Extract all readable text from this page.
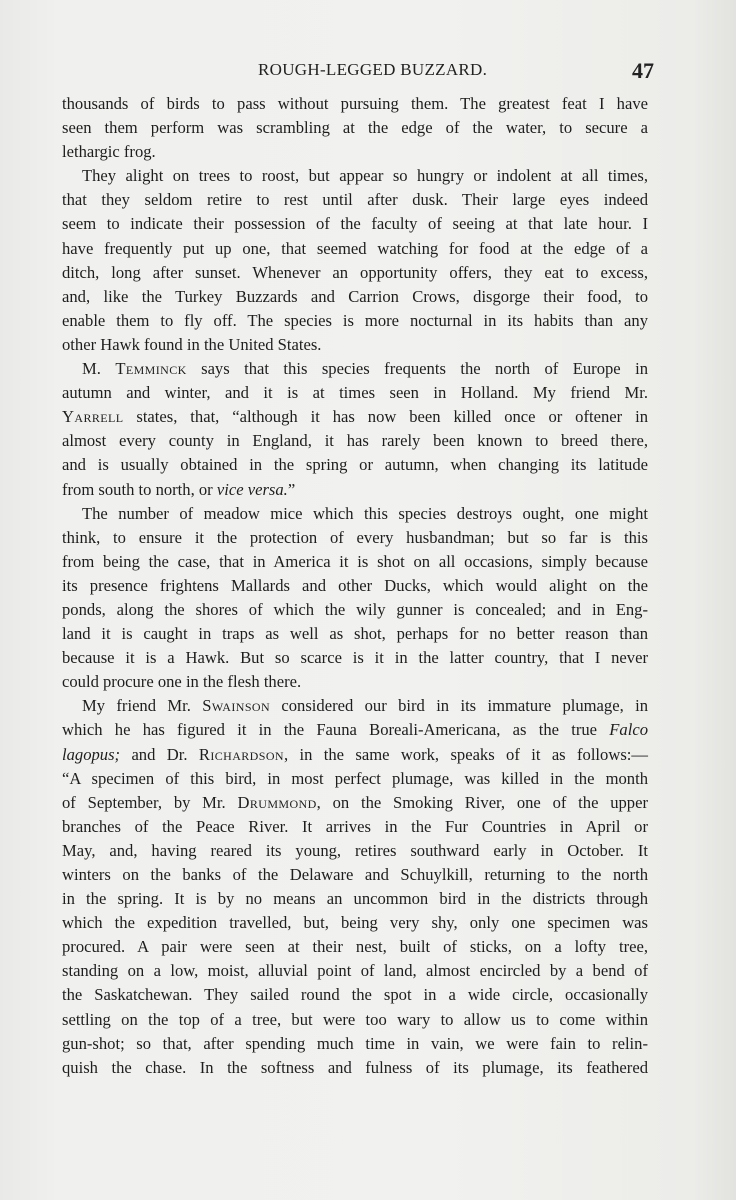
ROUGH-LEGGED BUZZARD.	47
thousands of birds to pass without pursuing them. The greatest feat I have
seen them perform was scrambling at the edge of the water, to secure a
lethargic frog.
They alight on trees to roost, but appear so hungry or indolent at all times,
that they seldom retire to rest until after dusk. Their large eyes indeed
seem to indicate their possession of the faculty of seeing at that late hour. I
have frequently put up one, that seemed watching for food at the edge of a
ditch, long after sunset. Whenever an opportunity offers, they eat to excess,
and, like the Turkey Buzzards and Carrion Crows, disgorge their food, to
enable them to fly off. The species is more nocturnal in its habits than any
other Hawk found in the United States.
M. Temminck says that this species frequents the north of Europe in
autumn and winter, and it is at times seen in Holland. My friend Mr.
Yarrell states, that, “although it has now been killed once or oftener in
almost every county in England, it has rarely been known to breed there,
and is usually obtained in the spring or autumn, when changing its latitude
from south to north, or vice versa.”
The number of meadow mice which this species destroys ought, one might
think, to ensure it the protection of every husbandman; but so far is this
from being the case, that in America it is shot on all occasions, simply because
its presence frightens Mallards and other Ducks, which would alight on the
ponds, along the shores of which the wily gunner is concealed; and in Eng-
land it is caught in traps as well as shot, perhaps for no better reason than
because it is a Hawk. But so scarce is it in the latter country, that I never
could procure one in the flesh there.
My friend Mr. Swainson considered our bird in its immature plumage, in
which he has figured it in the Fauna Boreali-Americana, as the true Falco
lagopus; and Dr. Richardson, in the same work, speaks of it as follows:—
“A specimen of this bird, in most perfect plumage, was killed in the month
of September, by Mr. Drummond, on the Smoking River, one of the upper
branches of the Peace River. It arrives in the Fur Countries in April or
May, and, having reared its young, retires southward early in October. It
winters on the banks of the Delaware and Schuylkill, returning to the north
in the spring. It is by no means an uncommon bird in the districts through
which the expedition travelled, but, being very shy, only one specimen was
procured. A pair were seen at their nest, built of sticks, on a lofty tree,
standing on a low, moist, alluvial point of land, almost encircled by a bend of
the Saskatchewan. They sailed round the spot in a wide circle, occasionally
settling on the top of a tree, but were too wary to allow us to come within
gun-shot; so that, after spending much time in vain, we were fain to relin-
quish the chase. In the softness and fulness of its plumage, its feathered
